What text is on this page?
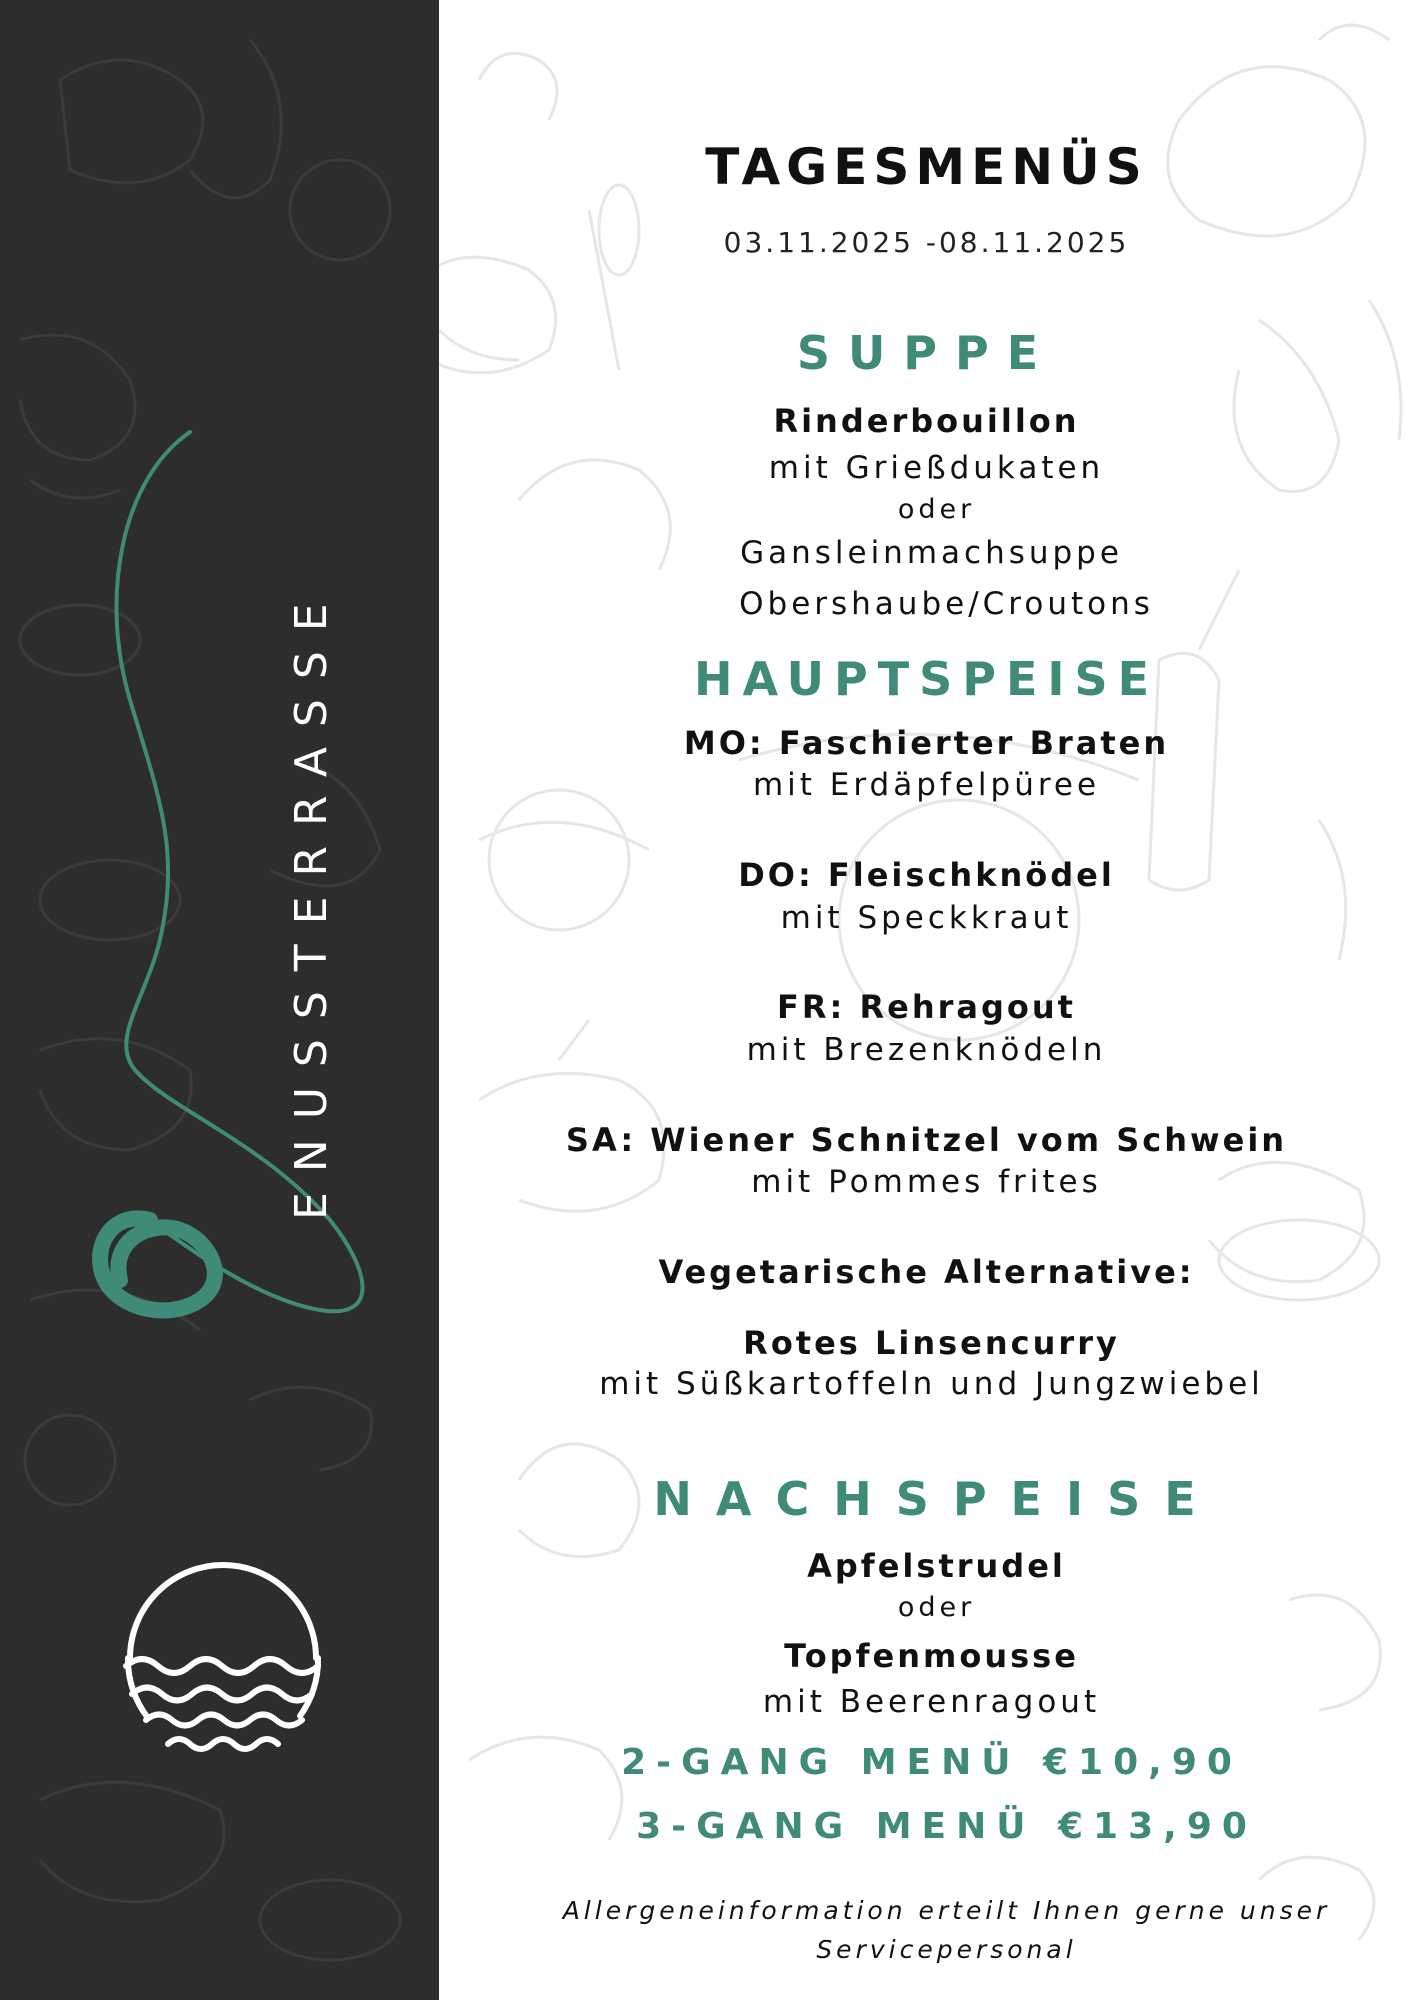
ENUSSTERRASSE
TAGESMENÜS

03.11.2025 -08.11.2025

SUPPE

Rinderbouillon

mit Grießdukaten

oder

Gansleinmachsuppe

Obershaube/Croutons

HAUPTSPEISE

MO: Faschierter Braten

mit Erdäpfelpüree

DO: Fleischknödel

mit Speckkraut

FR: Rehragout

mit Brezenknödeln

SA: Wiener Schnitzel vom Schwein

mit Pommes frites

Vegetarische Alternative:

Rotes Linsencurry

mit Süßkartoffeln und Jungzwiebel

NACHSPEISE

Apfelstrudel

oder

Topfenmousse

mit Beerenragout

2-GANG MENÜ €10,90

3-GANG MENÜ €13,90

Allergeneinformation erteilt Ihnen gerne unser

Servicepersonal
